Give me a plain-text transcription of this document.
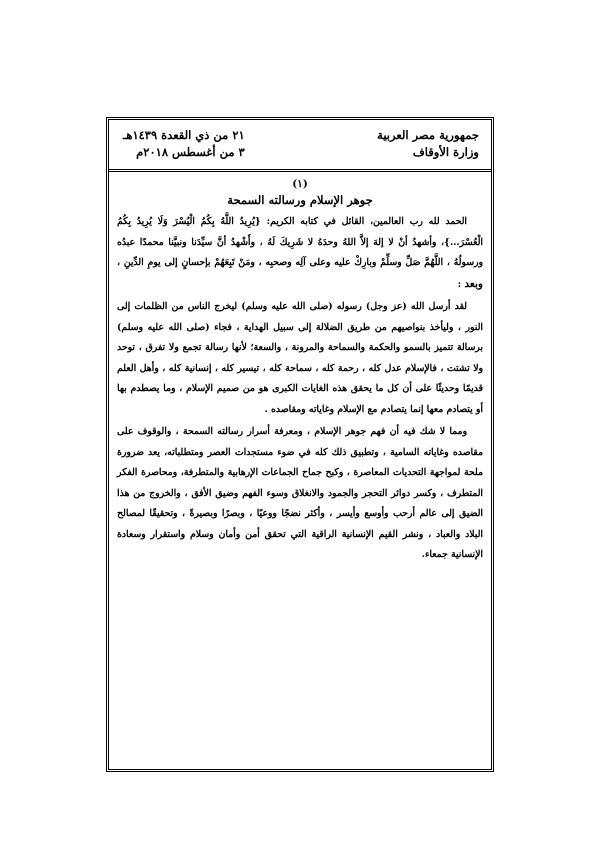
جمهورية مصر العربية
وزارة الأوقاف
٢١ من ذي القعدة ١٤٣٩هـ
٣ من أغسطس ٢٠١٨م
(١)
جوهر الإسلام ورسالته السمحة

الحمد لله رب العالمين، القائل في كتابه الكريم: {يُرِيدُ اللَّهُ بِكُمُ الْيُسْرَ وَلَا يُرِيدُ بِكُمُ الْعُسْرَ...}، وأشهدُ أنْ لا إلهَ إلاَّ اللهُ وحدَهُ لا شَرِيكَ لَهُ ، وأَشْهدُ أنَّ سيِّدَنا ونبيَّنا محمدًا عبدُه ورسولُهُ ، اللَّهُمَّ صَلِّ وسلِّمْ وبارِكْ عليه وعلى آلِه وصحبِه ، ومَنْ تَبِعَهُمْ بإحسانٍ إلى يومِ الدِّينِ ، وبعد :

لقد أرسل الله (عز وجل) رسوله (صلى الله عليه وسلم) ليخرج الناس من الظلمات إلى النور ، وليأخذ بنواصيهم من طريق الضلالة إلى سبيل الهداية ، فجاء (صلى الله عليه وسلم) برسالة تتميز بالسمو والحكمة والسماحة والمرونة ، والسعة؛ لأنها رسالة تجمع ولا تفرق ، توحد ولا تشتت ، فالإسلام عدل كله ، رحمة كله ، سماحة كله ، تيسير كله ، إنسانية كله ، وأهل العلم قديمًا وحديثًا على أن كل ما يحقق هذه الغايات الكبرى هو من صميم الإسلام ، وما يصطدم بها أو يتصادم معها إنما يتصادم مع الإسلام وغاياته ومقاصده .

ومما لا شك فيه أن فهم جوهر الإسلام ، ومعرفة أسرار رسالته السمحة ، والوقوف على مقاصده وغاياته السامية ، وتطبيق ذلك كله في ضوء مستجدات العصر ومتطلباته، يعد ضرورة ملحة لمواجهة التحديات المعاصرة ، وكبح جماح الجماعات الإرهابية والمتطرفة، ومحاصرة الفكر المتطرف ، وكسر دوائر التحجر والجمود والانغلاق وسوء الفهم وضيق الأفق ، والخروج من هذا الضيق إلى عالم أرحب وأوسع وأيسر ، وأكثر نضجًا ووعيًا ، وبصرًا وبصيرةً ، وتحقيقًا لمصالح البلاد والعباد ، ونشر القيم الإنسانية الراقية التي تحقق أمن وأمان وسلام واستقرار وسعادة الإنسانية جمعاء.
